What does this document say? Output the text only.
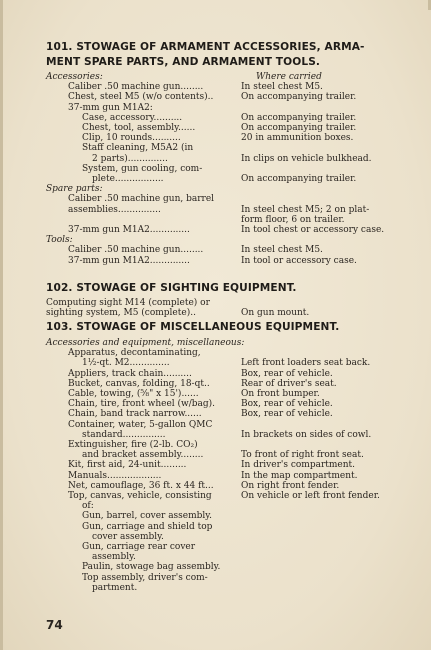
101. STOWAGE OF ARMAMENT ACCESSORIES, ARMA-
MENT SPARE PARTS, AND ARMAMENT TOOLS.
Where carried
Accessories:
Caliber .50 machine gun........	In steel chest M5.
Chest, steel M5 (w/o contents)..	On accompanying trailer.
37-mm gun M1A2:
Case, accessory..........	On accompanying trailer.
Chest, tool, assembly......	On accompanying trailer.
Clip, 10 rounds..........	20 in ammunition boxes.
Staff cleaning, M5A2 (in
2 parts)..............	In clips on vehicle bulkhead.
System, gun cooling, com-
plete.................	On accompanying trailer.
Spare parts:
Caliber .50 machine gun, barrel
assemblies...............	In steel chest M5; 2 on plat-
form floor, 6 on trailer.
37-mm gun M1A2..............	In tool chest or accessory case.
Tools:
Caliber .50 machine gun........	In steel chest M5.
37-mm gun M1A2..............	In tool or accessory case.
102. STOWAGE OF SIGHTING EQUIPMENT.
Computing sight M14 (complete) or
sighting system, M5 (complete)..	On gun mount.
103. STOWAGE OF MISCELLANEOUS EQUIPMENT.
Accessories and equipment, miscellaneous:
Apparatus, decontaminating,
1½-qt. M2..............	Left front loaders seat back.
Appliers, track chain..........	Box, rear of vehicle.
Bucket, canvas, folding, 18-qt..	Rear of driver's seat.
Cable, towing, (⅝" x 15')......	On front bumper.
Chain, tire, front wheel (w/bag).	Box, rear of vehicle.
Chain, band track narrow......	Box, rear of vehicle.
Container, water, 5-gallon QMC
standard...............	In brackets on sides of cowl.
Extinguisher, fire (2-lb. CO₂)
and bracket assembly........	To front of right front seat.
Kit, first aid, 24-unit.........	In driver's compartment.
Manuals...................	In the map compartment.
Net, camouflage, 36 ft. x 44 ft...	On right front fender.
Top, canvas, vehicle, consisting	On vehicle or left front fender.
of:
Gun, barrel, cover assembly.
Gun, carriage and shield top
cover assembly.
Gun, carriage rear cover
assembly.
Paulin, stowage bag assembly.
Top assembly, driver's com-
partment.
74
